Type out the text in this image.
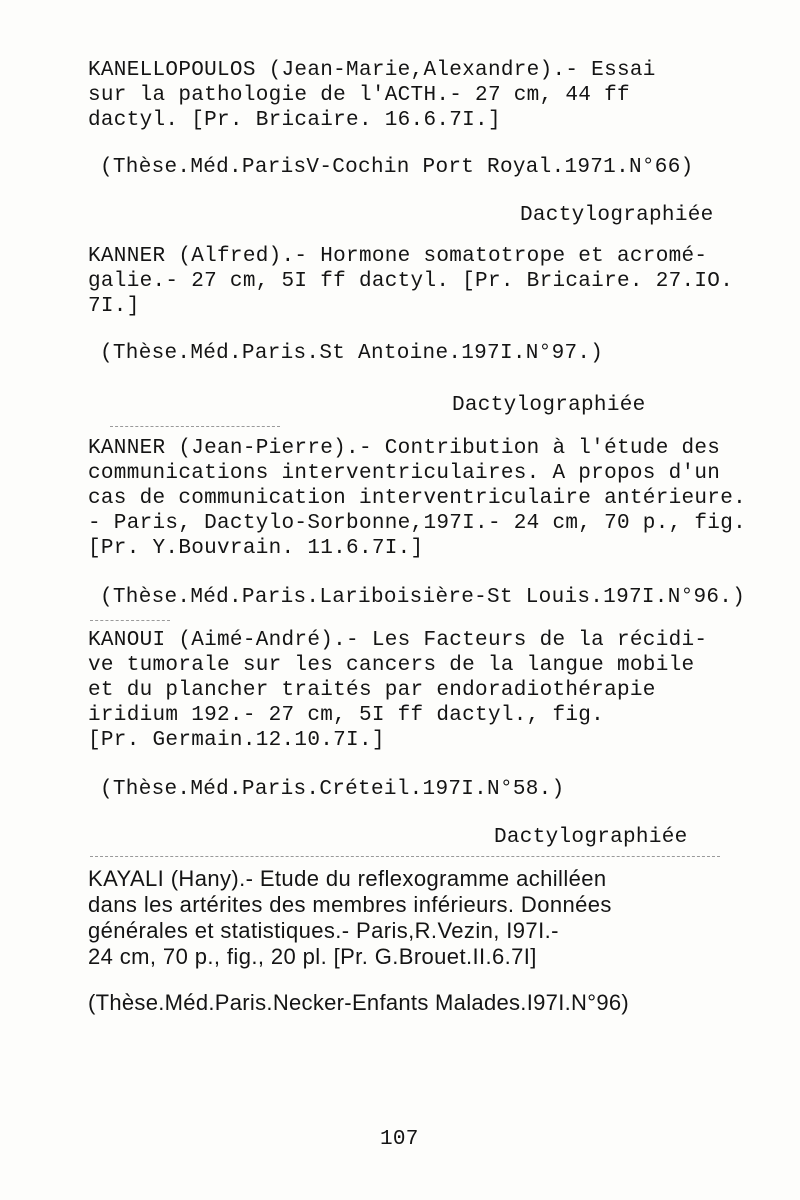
KANELLOPOULOS (Jean-Marie,Alexandre).- Essai

sur la pathologie de l'ACTH.- 27 cm, 44 ff

dactyl. [Pr. Bricaire. 16.6.7I.]

(Thèse.Méd.ParisV-Cochin Port Royal.1971.N°66)

Dactylographiée

KANNER (Alfred).- Hormone somatotrope et acromé-

galie.- 27 cm, 5I ff dactyl. [Pr. Bricaire. 27.IO.

7I.]

(Thèse.Méd.Paris.St Antoine.197I.N°97.)

Dactylographiée

KANNER (Jean-Pierre).- Contribution à l'étude des

communications interventriculaires. A propos d'un

cas de communication interventriculaire antérieure.

- Paris, Dactylo-Sorbonne,197I.- 24 cm, 70 p., fig.

[Pr. Y.Bouvrain. 11.6.7I.]

(Thèse.Méd.Paris.Lariboisière-St Louis.197I.N°96.)

KANOUI (Aimé-André).- Les Facteurs de la récidi-

ve tumorale sur les cancers de la langue mobile

et du plancher traités par endoradiothérapie

iridium 192.- 27 cm, 5I ff dactyl., fig.

[Pr. Germain.12.10.7I.]

(Thèse.Méd.Paris.Créteil.197I.N°58.)

Dactylographiée

KAYALI (Hany).- Etude du reflexogramme achilléen

dans les artérites des membres inférieurs. Données

générales et statistiques.- Paris,R.Vezin, I97I.-

24 cm, 70 p., fig., 20 pl. [Pr. G.Brouet.II.6.7I]

(Thèse.Méd.Paris.Necker-Enfants Malades.I97I.N°96)

107
